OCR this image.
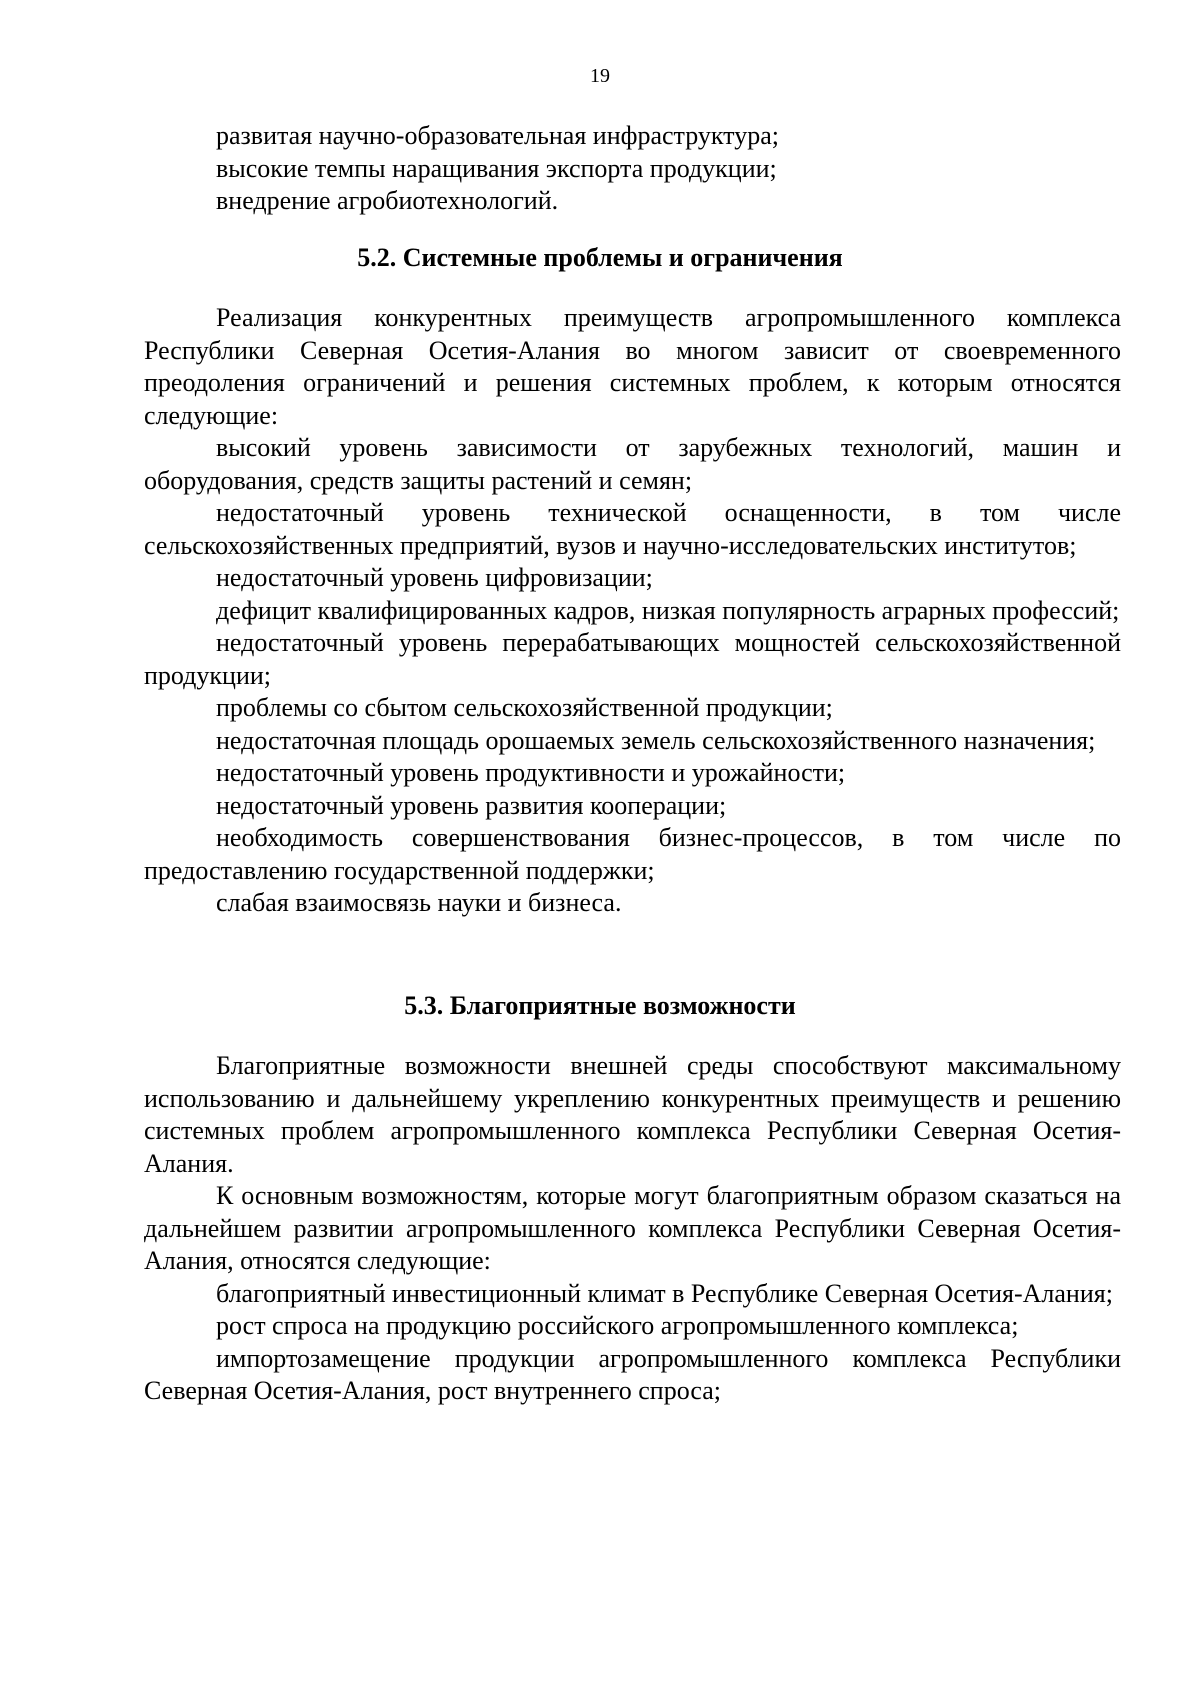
19

развитая научно-образовательная инфраструктура;

высокие темпы наращивания экспорта продукции;

внедрение агробиотехнологий.

5.2. Системные проблемы и ограничения

Реализация конкурентных преимуществ агропромышленного комплекса Республики Северная Осетия-Алания во многом зависит от своевременного преодоления ограничений и решения системных проблем, к которым относятся следующие:

высокий уровень зависимости от зарубежных технологий, машин и оборудования, средств защиты растений и семян;

недостаточный уровень технической оснащенности, в том числе сельскохозяйственных предприятий, вузов и научно-исследовательских институтов;

недостаточный уровень цифровизации;

дефицит квалифицированных кадров, низкая популярность аграрных профессий;

недостаточный уровень перерабатывающих мощностей сельскохозяйственной продукции;

проблемы со сбытом сельскохозяйственной продукции;

недостаточная площадь орошаемых земель сельскохозяйственного назначения;

недостаточный уровень продуктивности и урожайности;

недостаточный уровень развития кооперации;

необходимость совершенствования бизнес-процессов, в том числе по предоставлению государственной поддержки;

слабая взаимосвязь науки и бизнеса.

5.3. Благоприятные возможности

Благоприятные возможности внешней среды способствуют максимальному использованию и дальнейшему укреплению конкурентных преимуществ и решению системных проблем агропромышленного комплекса Республики Северная Осетия-Алания.

К основным возможностям, которые могут благоприятным образом сказаться на дальнейшем развитии агропромышленного комплекса Республики Северная Осетия-Алания, относятся следующие:

благоприятный инвестиционный климат в Республике Северная Осетия-Алания;

рост спроса на продукцию российского агропромышленного комплекса;

импортозамещение продукции агропромышленного комплекса Республики Северная Осетия-Алания, рост внутреннего спроса;
